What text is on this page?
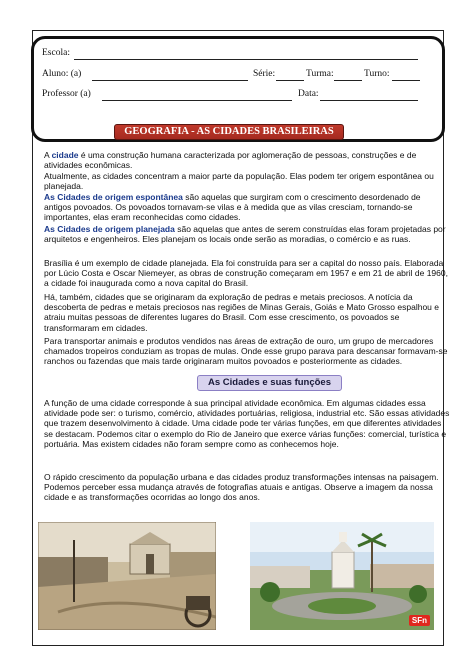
Escola:
Aluno: (a)	Série:	Turma:	Turno:
Professor (a)	Data:
GEOGRAFIA - AS CIDADES BRASILEIRAS

A cidade é uma construção humana caracterizada por aglomeração de pessoas, construções e de atividades econômicas.

Atualmente, as cidades concentram a maior parte da população. Elas podem ter origem espontânea ou planejada.

As Cidades de origem espontânea são aquelas que surgiram com o crescimento desordenado de antigos povoados. Os povoados tornavam-se vilas e à medida que as vilas cresciam, tornando-se importantes, elas eram reconhecidas como cidades.

As Cidades de origem planejada são aquelas que antes de serem construídas elas foram projetadas por arquitetos e engenheiros. Eles planejam os locais onde serão as moradias, o comércio e as ruas.

Brasília é um exemplo de cidade planejada. Ela foi construída para ser a capital do nosso país. Elaborada por Lúcio Costa e Oscar Niemeyer, as obras de construção começaram em 1957 e em 21 de abril de 1960, a cidade foi inaugurada como a nova capital do Brasil.

Há, também, cidades que se originaram da exploração de pedras e metais preciosos. A notícia da descoberta de pedras e metais preciosos nas regiões de Minas Gerais, Goiás e Mato Grosso espalhou e atraiu muitas pessoas de diferentes lugares do Brasil. Com esse crescimento, os povoados se transformaram em cidades.

Para transportar animais e produtos vendidos nas áreas de extração de ouro, um grupo de mercadores chamados tropeiros conduziam as tropas de mulas. Onde esse grupo parava para descansar formavam-se ranchos ou fazendas que mais tarde originaram muitos povoados e posteriormente as cidades.

As Cidades e suas funções

A função de uma cidade corresponde à sua principal atividade econômica. Em algumas cidades essa atividade pode ser: o turismo, comércio, atividades portuárias, religiosa, industrial etc. São essas atividades que trazem desenvolvimento à cidade. Uma cidade pode ter várias funções, em que diferentes atividades se destacam. Podemos citar o exemplo do Rio de Janeiro que exerce várias funções: comercial, turística e portuária. Mas existem cidades não foram sempre como as conhecemos hoje.

O rápido crescimento da população urbana e das cidades produz transformações intensas na paisagem. Podemos perceber essa mudança através de fotografias atuais e antigas. Observe a imagem da nossa cidade e as transformações ocorridas ao longo dos anos.

SFn
